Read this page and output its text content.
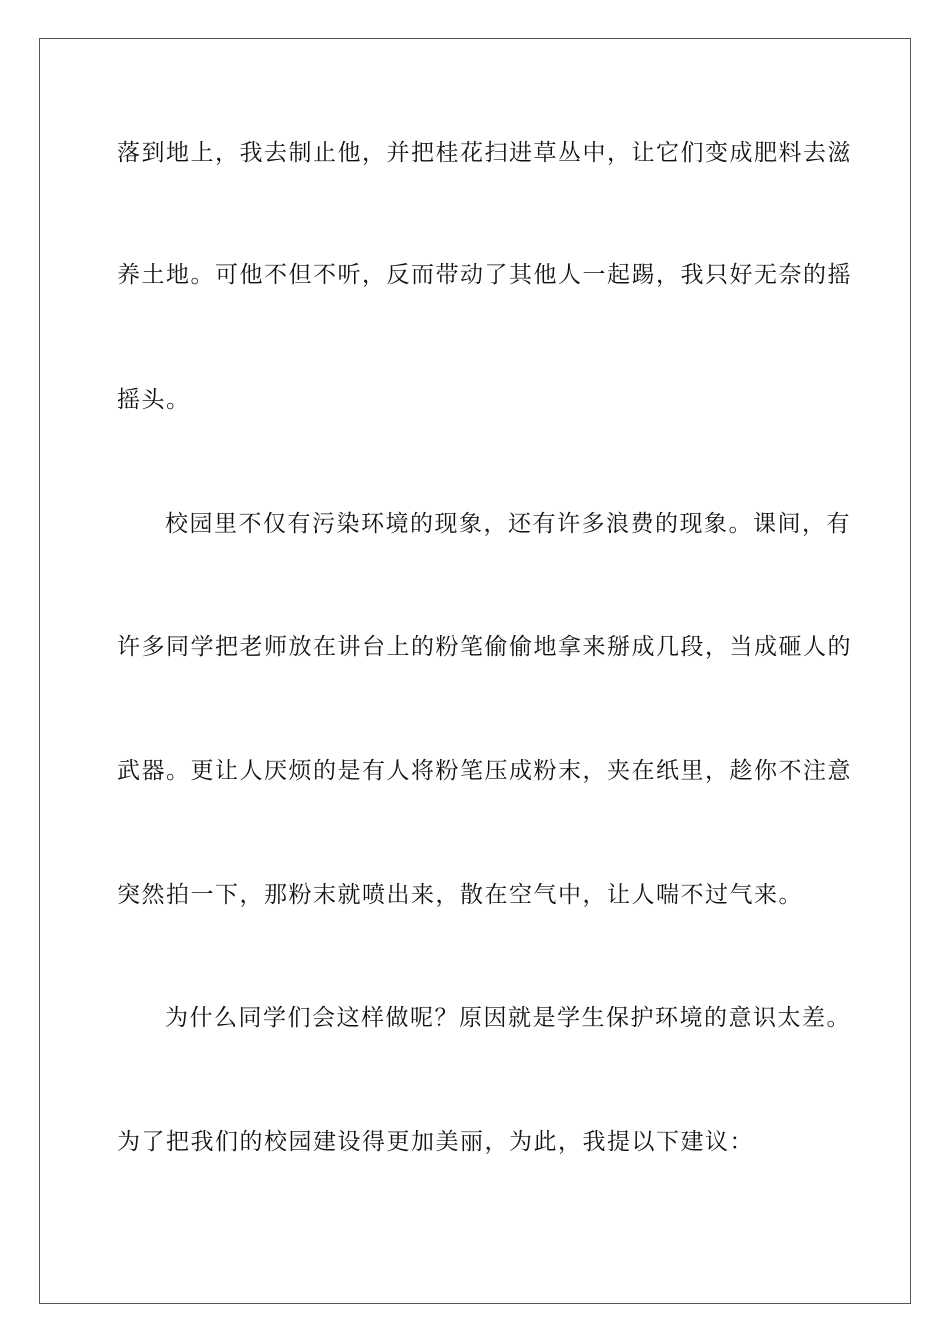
落到地上，我去制止他，并把桂花扫进草丛中，让它们变成肥料去滋
养土地。可他不但不听，反而带动了其他人一起踢，我只好无奈的摇
摇头。
校园里不仅有污染环境的现象，还有许多浪费的现象。课间，有
许多同学把老师放在讲台上的粉笔偷偷地拿来掰成几段，当成砸人的
武器。更让人厌烦的是有人将粉笔压成粉末，夹在纸里，趁你不注意
突然拍一下，那粉末就喷出来，散在空气中，让人喘不过气来。
为什么同学们会这样做呢？原因就是学生保护环境的意识太差。
为了把我们的校园建设得更加美丽，为此，我提以下建议：
